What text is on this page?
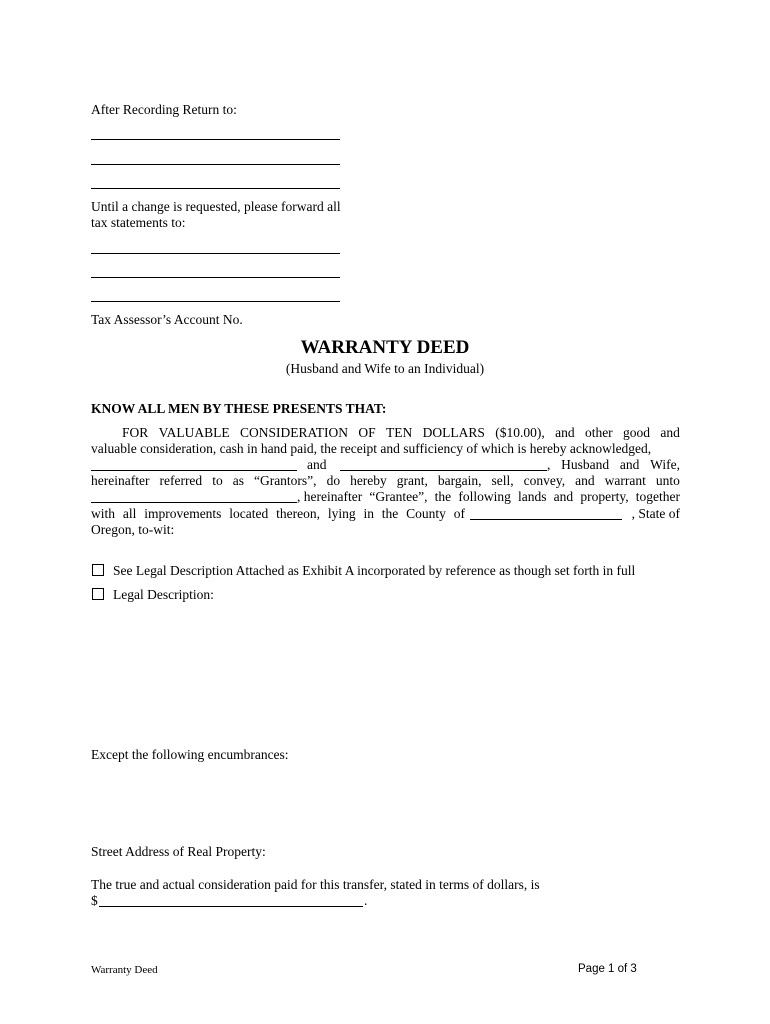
After Recording Return to:
Until a change is requested, please forward all
tax statements to:
Tax Assessor’s Account No.
WARRANTY DEED
(Husband and Wife to an Individual)
KNOW ALL MEN BY THESE PRESENTS THAT:
FOR VALUABLE CONSIDERATION OF TEN DOLLARS ($10.00), and other good and
valuable consideration, cash in hand paid, the receipt and sufficiency of which is hereby acknowledged,
and	, Husband and Wife,
hereinafter referred to as “Grantors”, do hereby grant, bargain, sell, convey, and warrant unto
, hereinafter “Grantee”, the following lands and property, together
with all improvements located thereon, lying in the County of	, State of
Oregon, to-wit:
See Legal Description Attached as Exhibit A incorporated by reference as though set forth in full
Legal Description:
Except the following encumbrances:
Street Address of Real Property:
The true and actual consideration paid for this transfer, stated in terms of dollars, is
$	.
Warranty Deed	Page 1 of 3
